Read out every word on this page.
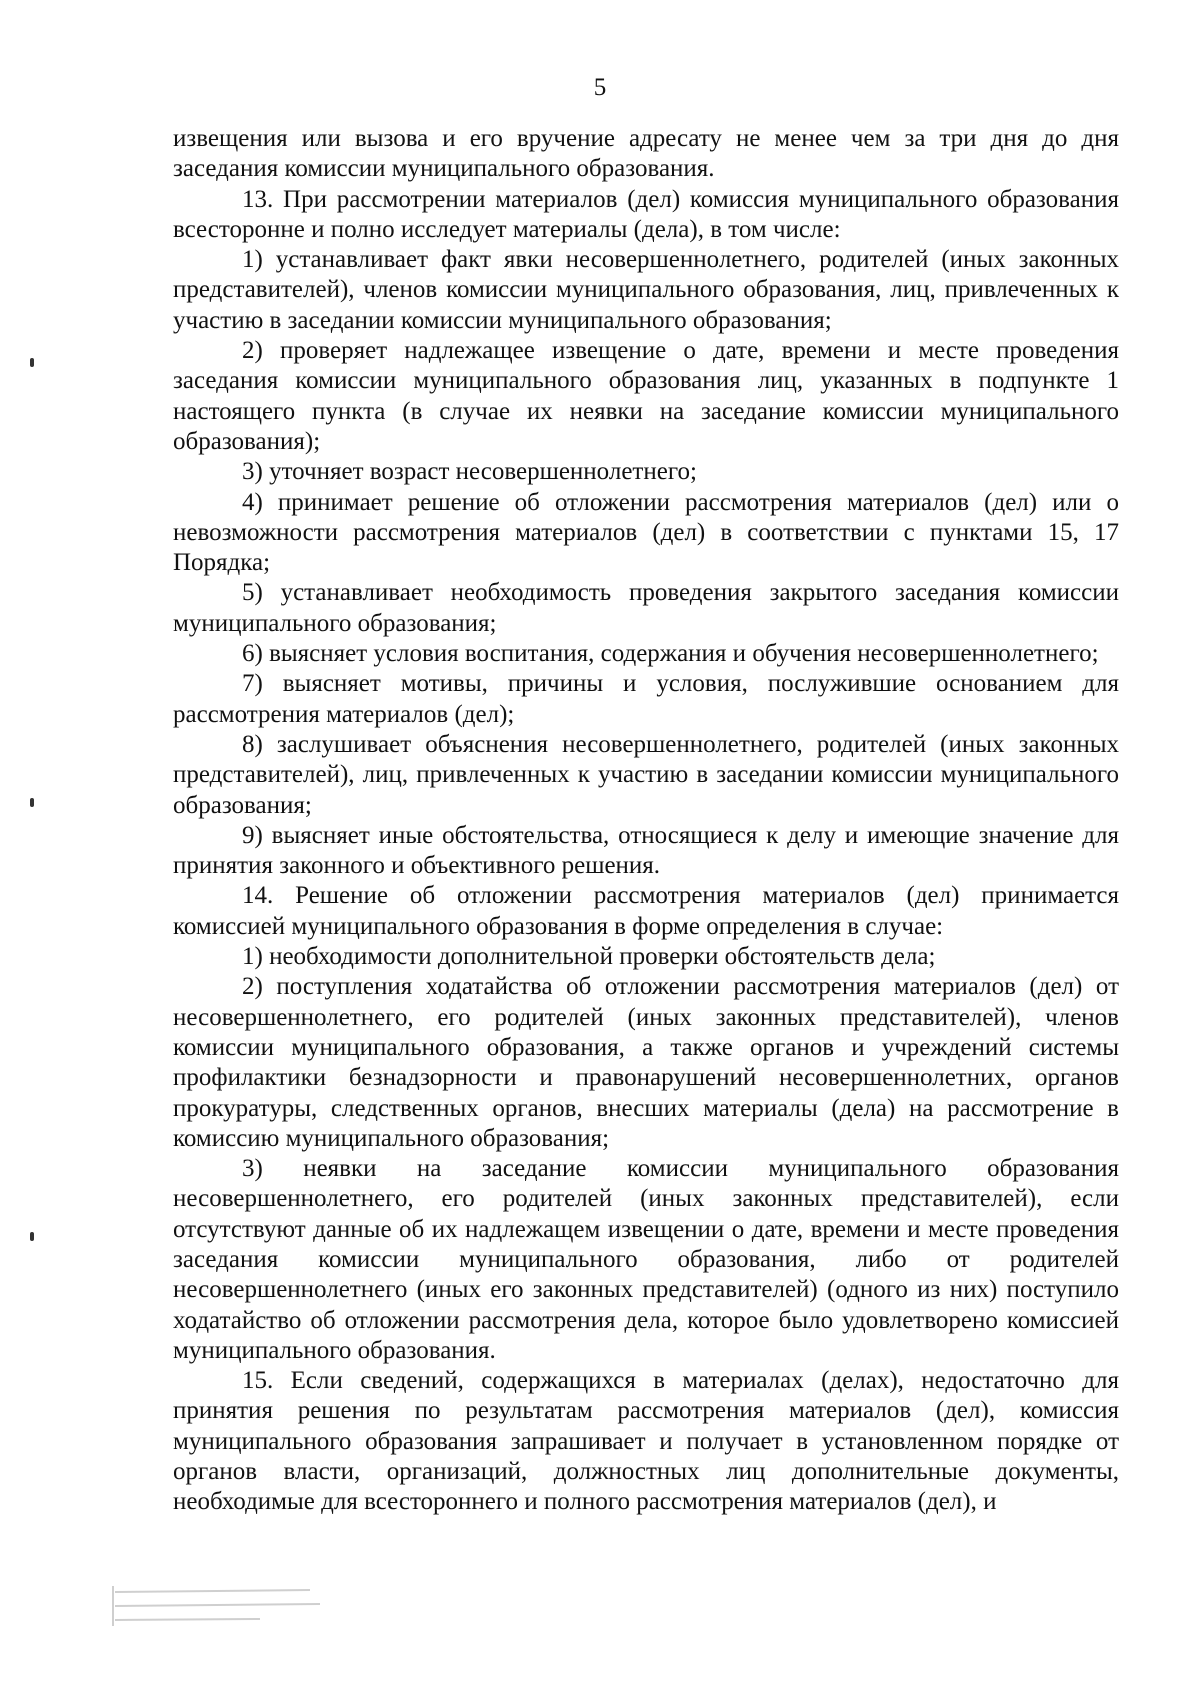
5

извещения или вызова и его вручение адресату не менее чем за три дня до дня заседания комиссии муниципального образования.

13. При рассмотрении материалов (дел) комиссия муниципального образования всесторонне и полно исследует материалы (дела), в том числе:

1) устанавливает факт явки несовершеннолетнего, родителей (иных законных представителей), членов комиссии муниципального образования, лиц, привлеченных к участию в заседании комиссии муниципального образования;

2) проверяет надлежащее извещение о дате, времени и месте проведения заседания комиссии муниципального образования лиц, указанных в подпункте 1 настоящего пункта (в случае их неявки на заседание комиссии муниципального образования);

3) уточняет возраст несовершеннолетнего;

4) принимает решение об отложении рассмотрения материалов (дел) или о невозможности рассмотрения материалов (дел) в соответствии с пунктами 15, 17 Порядка;

5) устанавливает необходимость проведения закрытого заседания комиссии муниципального образования;

6) выясняет условия воспитания, содержания и обучения несовершеннолетнего;

7) выясняет мотивы, причины и условия, послужившие основанием для рассмотрения материалов (дел);

8) заслушивает объяснения несовершеннолетнего, родителей (иных законных представителей), лиц, привлеченных к участию в заседании комиссии муниципального образования;

9) выясняет иные обстоятельства, относящиеся к делу и имеющие значение для принятия законного и объективного решения.

14. Решение об отложении рассмотрения материалов (дел) принимается комиссией муниципального образования в форме определения в случае:

1) необходимости дополнительной проверки обстоятельств дела;

2) поступления ходатайства об отложении рассмотрения материалов (дел) от несовершеннолетнего, его родителей (иных законных представителей), членов комиссии муниципального образования, а также органов и учреждений системы профилактики безнадзорности и правонарушений несовершеннолетних, органов прокуратуры, следственных органов, внесших материалы (дела) на рассмотрение в комиссию муниципального образования;

3) неявки на заседание комиссии муниципального образования несовершеннолетнего, его родителей (иных законных представителей), если отсутствуют данные об их надлежащем извещении о дате, времени и месте проведения заседания комиссии муниципального образования, либо от родителей несовершеннолетнего (иных его законных представителей) (одного из них) поступило ходатайство об отложении рассмотрения дела, которое было удовлетворено комиссией муниципального образования.

15. Если сведений, содержащихся в материалах (делах), недостаточно для принятия решения по результатам рассмотрения материалов (дел), комиссия муниципального образования запрашивает и получает в установленном порядке от органов власти, организаций, должностных лиц дополнительные документы, необходимые для всестороннего и полного рассмотрения материалов (дел), и
